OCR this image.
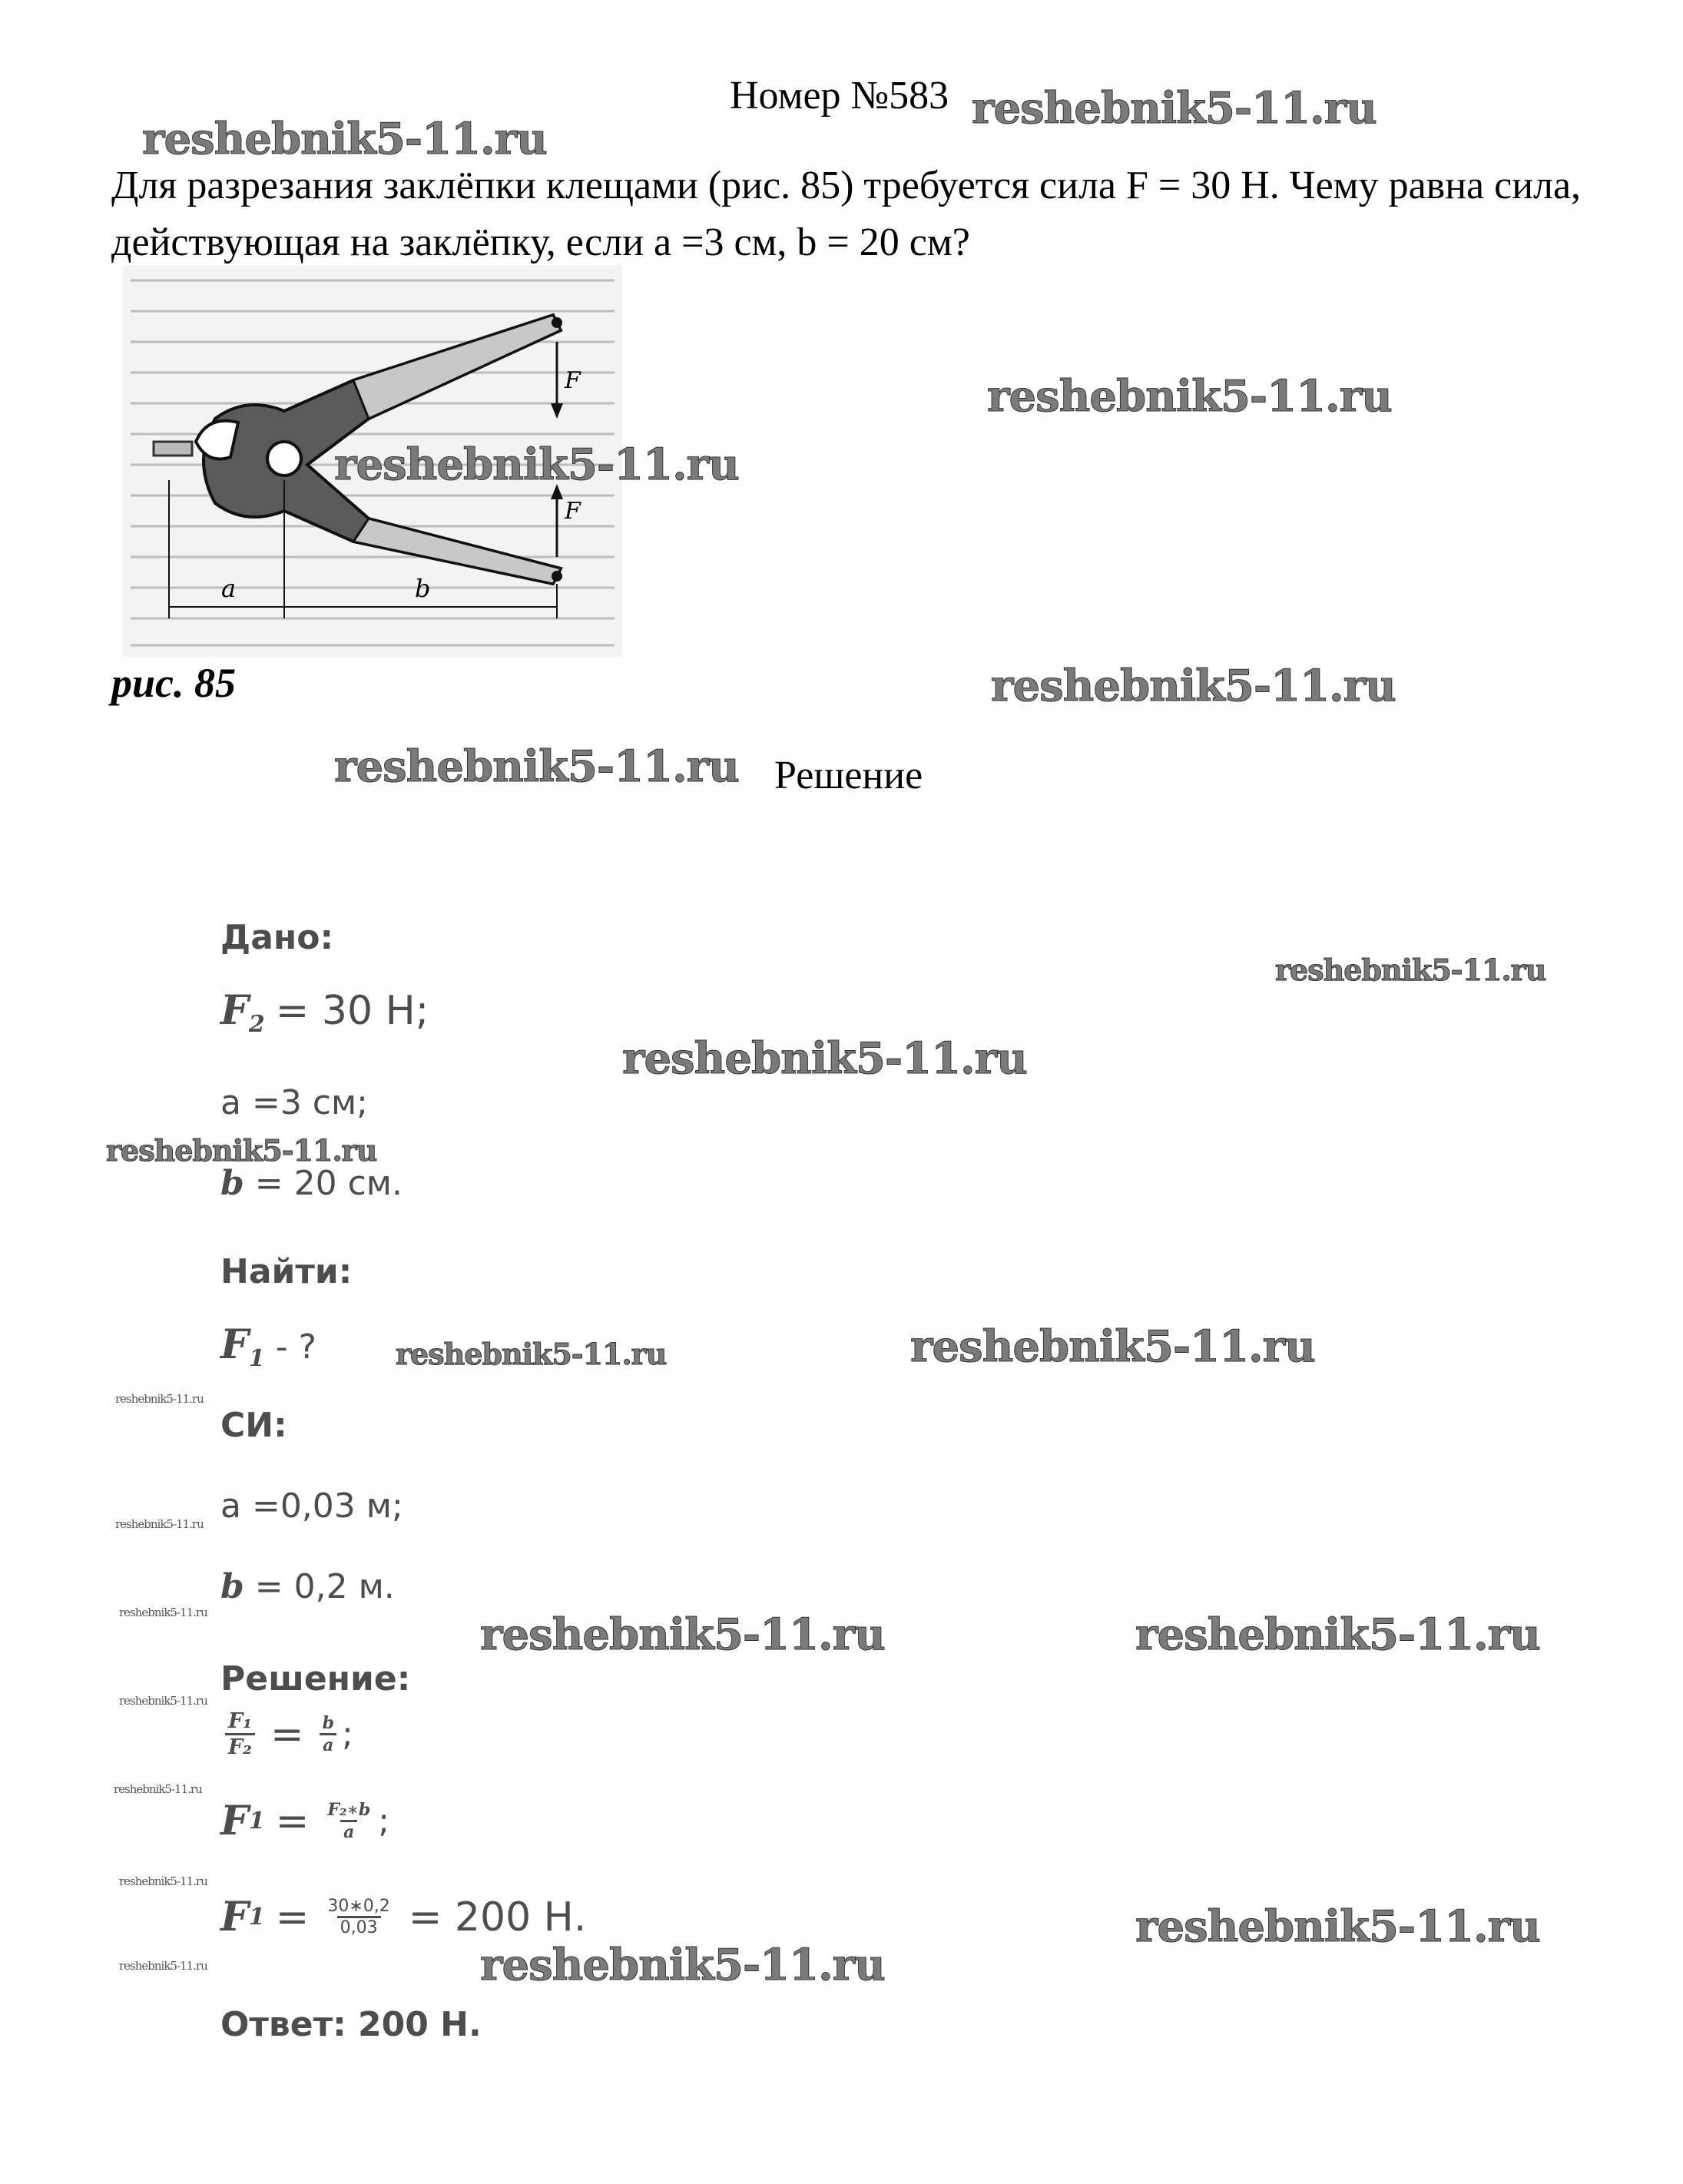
Номер №583
Для разрезания заклёпки клещами (рис. 85) требуется сила F = 30 Н. Чему равна сила, действующая на заклёпку, если а =3 см, b = 20 см?
F
F
a	b
рис. 85
Решение
Дано:
$F_2 = 30$ Н;
а =3 см;
b = 20 см.
Найти:
$F_1$ - ?
СИ:
а =0,03 м;
b = 0,2 м.
Решение:
$\frac{\text{F₁}}{\text{F₂}} = \frac{b}{a}$ ;
F $1 = \frac{\text{F₂∗b}}{a}$ ;
F $1 = \frac{30∗0,2}{0,03} = 200$ Н.
Ответ: 200 Н.
reshebnik5-11.ru
reshebnik5-11.ru
reshebnik5-11.ru
reshebnik5-11.ru
reshebnik5-11.ru
reshebnik5-11.ru
reshebnik5-11.ru
reshebnik5-11.ru
reshebnik5-11.ru
reshebnik5-11.ru	reshebnik5-11.ru
reshebnik5-11.ru
reshebnik5-11.ru
reshebnik5-11.ru	reshebnik5-11.ru	reshebnik5-11.ru
reshebnik5-11.ru
reshebnik5-11.ru
reshebnik5-11.ru
reshebnik5-11.ru
reshebnik5-11.ru	reshebnik5-11.ru
